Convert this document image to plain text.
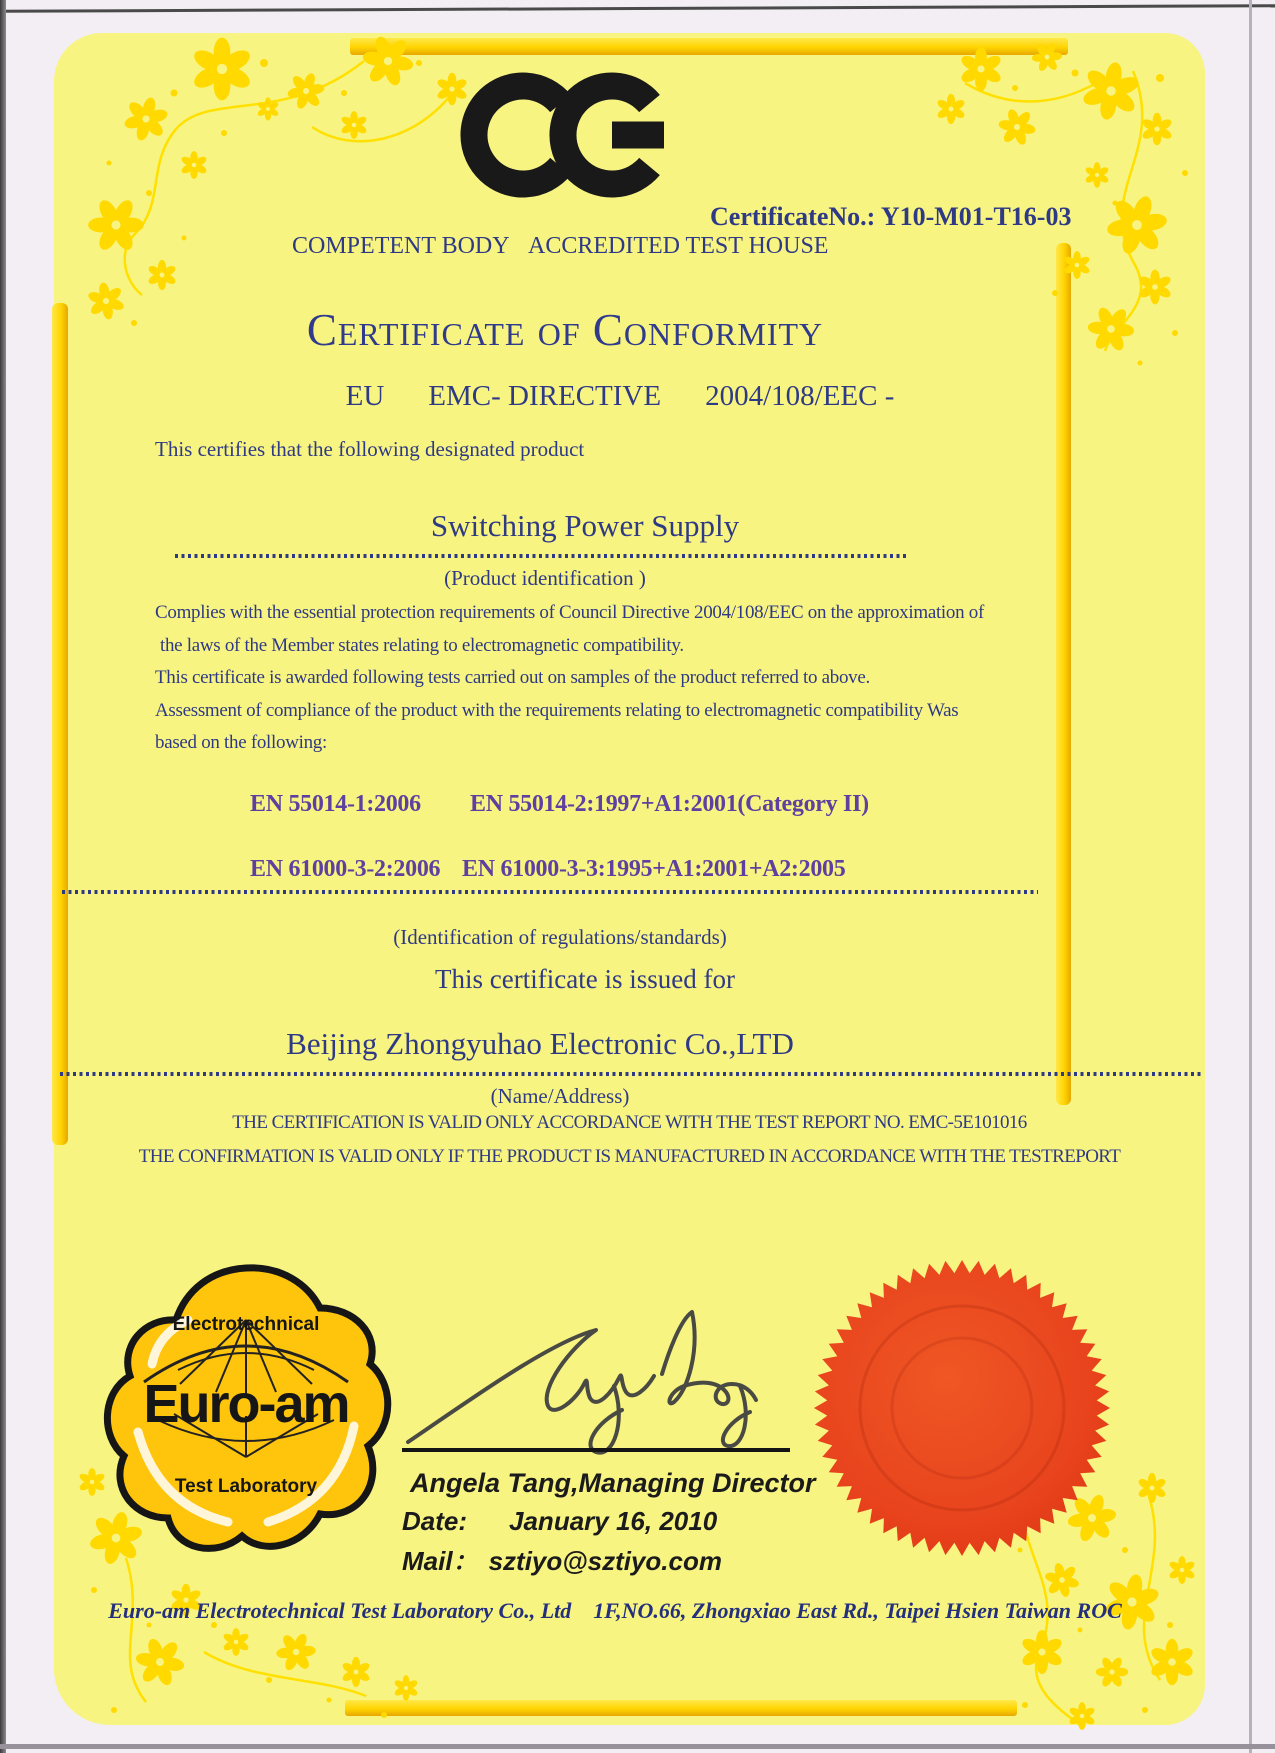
CertificateNo.: Y10-M01-T16-03
COMPETENT BODY ACCREDITED TEST HOUSE
Certificate of Conformity
EU EMC- DIRECTIVE 2004/108/EEC -
This certifies that the following designated product
Switching Power Supply
(Product identification )
Complies with the essential protection requirements of Council Directive 2004/108/EEC on the approximation of
the laws of the Member states relating to electromagnetic compatibility.
This certificate is awarded following tests carried out on samples of the product referred to above.
Assessment of compliance of the product with the requirements relating to electromagnetic compatibility Was
based on the following:
EN 55014-1:2006 EN 55014-2:1997+A1:2001(Category II)
EN 61000-3-2:2006 EN 61000-3-3:1995+A1:2001+A2:2005
(Identification of regulations/standards)
This certificate is issued for
Beijing Zhongyuhao Electronic Co.,LTD
(Name/Address)
THE CERTIFICATION IS VALID ONLY ACCORDANCE WITH THE TEST REPORT NO. EMC-5E101016
THE CONFIRMATION IS VALID ONLY IF THE PRODUCT IS MANUFACTURED IN ACCORDANCE WITH THE TESTREPORT
Electrotechnical
Euro-am
Test Laboratory	Angela Tang,Managing Director
Date: January 16, 2010
Mail： sztiyo@sztiyo.com
Euro-am Electrotechnical Test Laboratory Co., Ltd    1F,NO.66, Zhongxiao East Rd., Taipei Hsien Taiwan ROC
